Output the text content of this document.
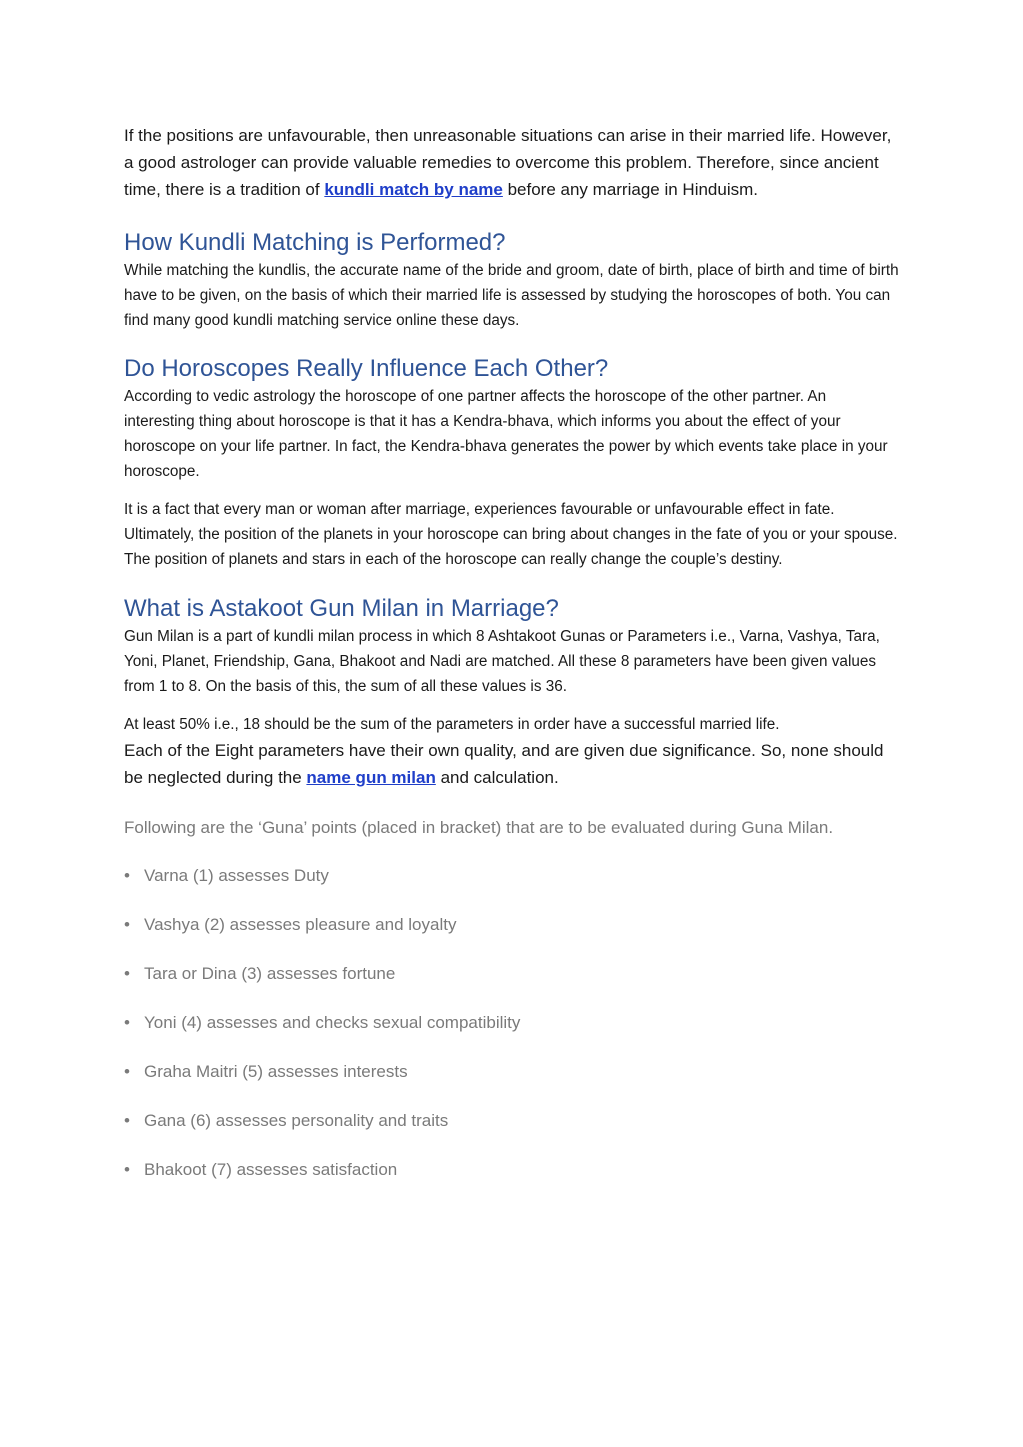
If the positions are unfavourable, then unreasonable situations can arise in their married life. However, a good astrologer can provide valuable remedies to overcome this problem. Therefore, since ancient time, there is a tradition of kundli match by name before any marriage in Hinduism.

How Kundli Matching is Performed?

While matching the kundlis, the accurate name of the bride and groom, date of birth, place of birth and time of birth have to be given, on the basis of which their married life is assessed by studying the horoscopes of both. You can find many good kundli matching service online these days.

Do Horoscopes Really Influence Each Other?

According to vedic astrology the horoscope of one partner affects the horoscope of the other partner. An interesting thing about horoscope is that it has a Kendra-bhava, which informs you about the effect of your horoscope on your life partner. In fact, the Kendra-bhava generates the power by which events take place in your horoscope.

It is a fact that every man or woman after marriage, experiences favourable or unfavourable effect in fate. Ultimately, the position of the planets in your horoscope can bring about changes in the fate of you or your spouse. The position of planets and stars in each of the horoscope can really change the couple’s destiny.

What is Astakoot Gun Milan in Marriage?

Gun Milan is a part of kundli milan process in which 8 Ashtakoot Gunas or Parameters i.e., Varna, Vashya, Tara, Yoni, Planet, Friendship, Gana, Bhakoot and Nadi are matched. All these 8 parameters have been given values from 1 to 8. On the basis of this, the sum of all these values is 36.

At least 50% i.e., 18 should be the sum of the parameters in order have a successful married life.

Each of the Eight parameters have their own quality, and are given due significance. So, none should be neglected during the name gun milan and calculation.

Following are the ‘Guna’ points (placed in bracket) that are to be evaluated during Guna Milan.

• Varna (1) assesses Duty
• Vashya (2) assesses pleasure and loyalty
• Tara or Dina (3) assesses fortune
• Yoni (4) assesses and checks sexual compatibility
• Graha Maitri (5) assesses interests
• Gana (6) assesses personality and traits
• Bhakoot (7) assesses satisfaction
